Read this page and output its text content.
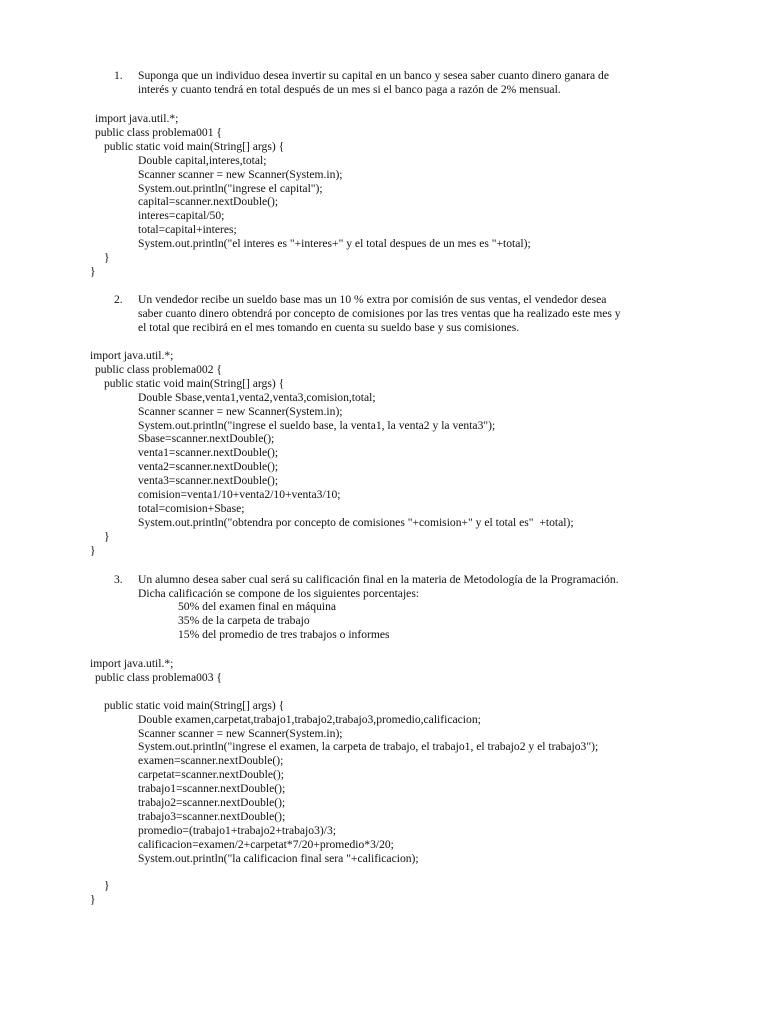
1. Suponga que un individuo desea invertir su capital en un banco y sesea saber cuanto dinero ganara de
interés y cuanto tendrá en total después de un mes si el banco paga a razón de 2% mensual.
import java.util.*;
public class problema001 {
public static void main(String[] args) {
Double capital,interes,total;
Scanner scanner = new Scanner(System.in);
System.out.println("ingrese el capital");
capital=scanner.nextDouble();
interes=capital/50;
total=capital+interes;
System.out.println("el interes es "+interes+" y el total despues de un mes es "+total);
}
}
2. Un vendedor recibe un sueldo base mas un 10 % extra por comisión de sus ventas, el vendedor desea
saber cuanto dinero obtendrá por concepto de comisiones por las tres ventas que ha realizado este mes y
el total que recibirá en el mes tomando en cuenta su sueldo base y sus comisiones.
import java.util.*;
public class problema002 {
public static void main(String[] args) {
Double Sbase,venta1,venta2,venta3,comision,total;
Scanner scanner = new Scanner(System.in);
System.out.println("ingrese el sueldo base, la venta1, la venta2 y la venta3");
Sbase=scanner.nextDouble();
venta1=scanner.nextDouble();
venta2=scanner.nextDouble();
venta3=scanner.nextDouble();
comision=venta1/10+venta2/10+venta3/10;
total=comision+Sbase;
System.out.println("obtendra por concepto de comisiones "+comision+" y el total es"  +total);
}
}
3. Un alumno desea saber cual será su calificación final en la materia de Metodología de la Programación.
Dicha calificación se compone de los siguientes porcentajes:
50% del examen final en máquina
35% de la carpeta de trabajo
15% del promedio de tres trabajos o informes
import java.util.*;
public class problema003 {
public static void main(String[] args) {
Double examen,carpetat,trabajo1,trabajo2,trabajo3,promedio,calificacion;
Scanner scanner = new Scanner(System.in);
System.out.println("ingrese el examen, la carpeta de trabajo, el trabajo1, el trabajo2 y el trabajo3");
examen=scanner.nextDouble();
carpetat=scanner.nextDouble();
trabajo1=scanner.nextDouble();
trabajo2=scanner.nextDouble();
trabajo3=scanner.nextDouble();
promedio=(trabajo1+trabajo2+trabajo3)/3;
calificacion=examen/2+carpetat*7/20+promedio*3/20;
System.out.println("la calificacion final sera "+calificacion);
}
}
